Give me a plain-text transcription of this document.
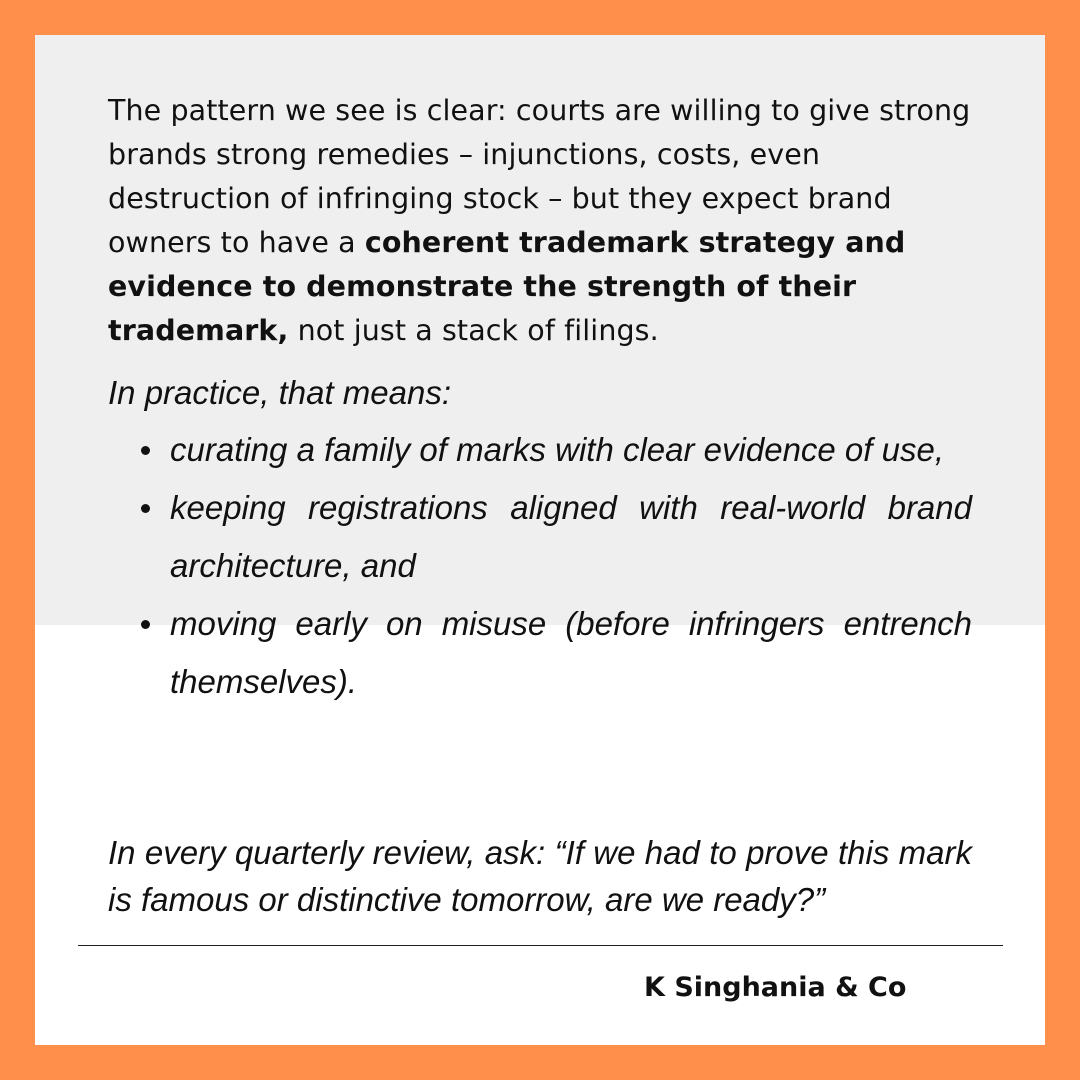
The pattern we see is clear: courts are willing to give strong brands strong remedies – injunctions, costs, even destruction of infringing stock – but they expect brand owners to have a coherent trademark strategy and evidence to demonstrate the strength of their trademark, not just a stack of filings.

In practice, that means:

curating a family of marks with clear evidence of use,
keeping registrations aligned with real-world brand architecture, and
moving early on misuse (before infringers entrench themselves).

In every quarterly review, ask: “If we had to prove this mark is famous or distinctive tomorrow, are we ready?”

K Singhania & Co
